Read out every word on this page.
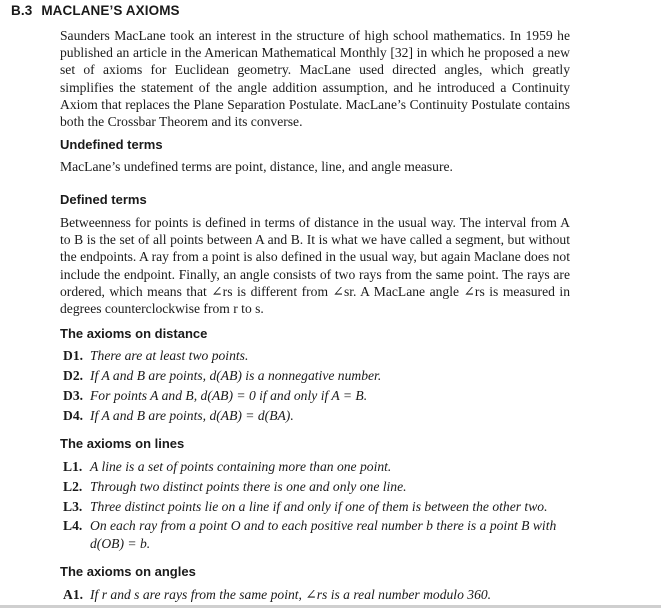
B.3 MACLANE’S AXIOMS
Saunders MacLane took an interest in the structure of high school mathematics. In 1959 he published an article in the American Mathematical Monthly [32] in which he proposed a new set of axioms for Euclidean geometry. MacLane used directed angles, which greatly simplifies the statement of the angle addition assumption, and he introduced a Continuity Axiom that replaces the Plane Separation Postulate. MacLane’s Continuity Postulate contains both the Crossbar Theorem and its converse.
Undefined terms
MacLane’s undefined terms are point, distance, line, and angle measure.
Defined terms
Betweenness for points is defined in terms of distance in the usual way. The interval from A to B is the set of all points between A and B. It is what we have called a segment, but without the endpoints. A ray from a point is also defined in the usual way, but again Maclane does not include the endpoint. Finally, an angle consists of two rays from the same point. The rays are ordered, which means that ∠rs is different from ∠sr. A MacLane angle ∠rs is measured in degrees counterclockwise from r to s.
The axioms on distance
D1. There are at least two points.
D2. If A and B are points, d(AB) is a nonnegative number.
D3. For points A and B, d(AB) = 0 if and only if A = B.
D4. If A and B are points, d(AB) = d(BA).
The axioms on lines
L1. A line is a set of points containing more than one point.
L2. Through two distinct points there is one and only one line.
L3. Three distinct points lie on a line if and only if one of them is between the other two.
L4. On each ray from a point O and to each positive real number b there is a point B with
d(OB) = b.
The axioms on angles
A1. If r and s are rays from the same point, ∠rs is a real number modulo 360.
